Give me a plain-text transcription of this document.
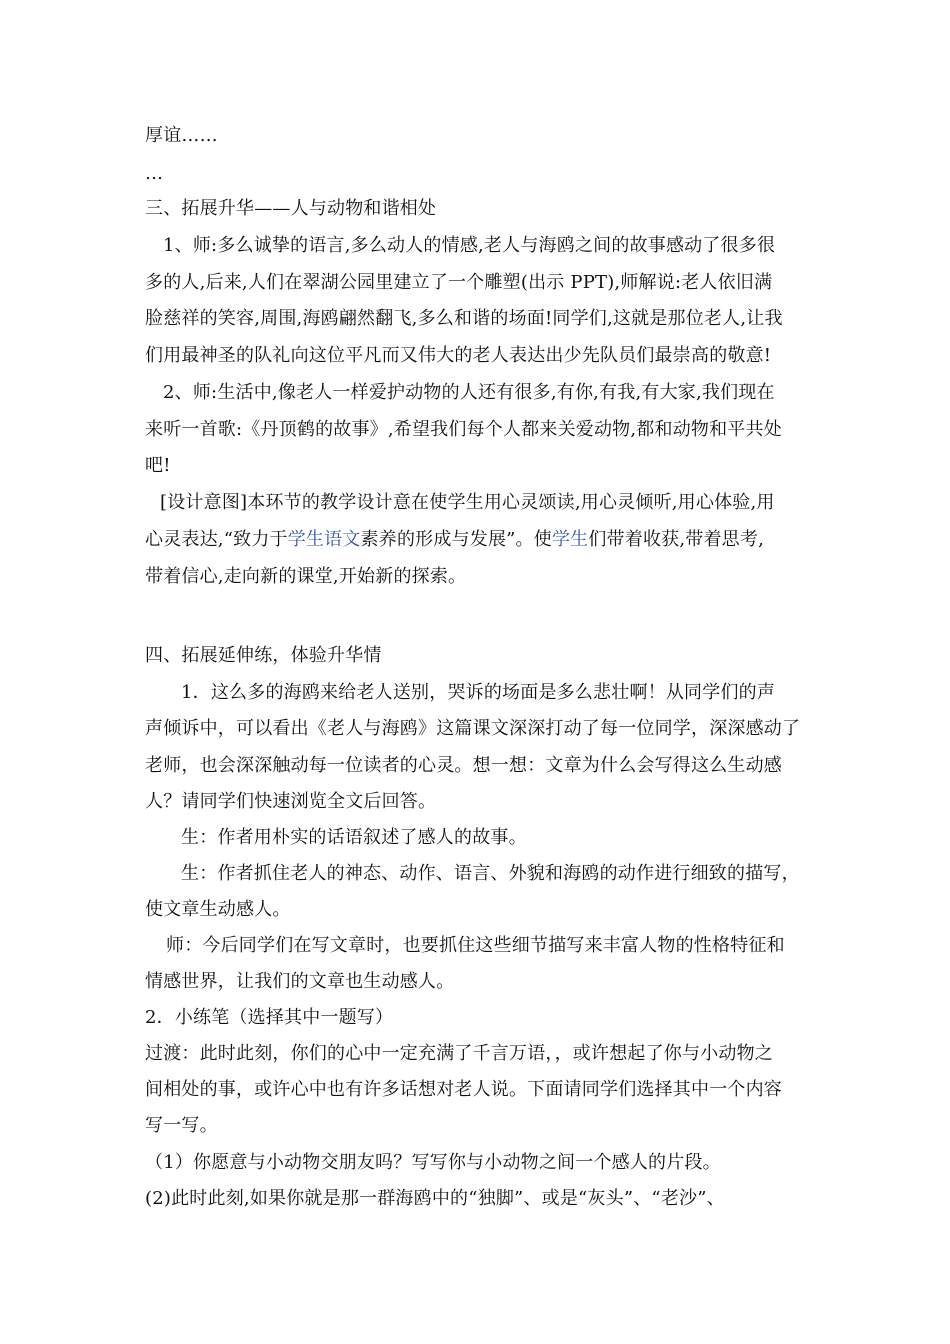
厚谊……
…
三、拓展升华——人与动物和谐相处
1、师:多么诚挚的语言,多么动人的情感,老人与海鸥之间的故事感动了很多很
多的人,后来,人们在翠湖公园里建立了一个雕塑(出示 PPT),师解说:老人依旧满
脸慈祥的笑容,周围,海鸥翩然翻飞,多么和谐的场面!同学们,这就是那位老人,让我
们用最神圣的队礼向这位平凡而又伟大的老人表达出少先队员们最崇高的敬意!
2、师:生活中,像老人一样爱护动物的人还有很多,有你,有我,有大家,我们现在
来听一首歌:《丹顶鹤的故事》,希望我们每个人都来关爱动物,都和动物和平共处
吧!
[设计意图]本环节的教学设计意在使学生用心灵颂读,用心灵倾听,用心体验,用
心灵表达,“致力于学生语文素养的形成与发展”。使学生们带着收获,带着思考,
带着信心,走向新的课堂,开始新的探索。
四、拓展延伸练，体验升华情
1．这么多的海鸥来给老人送别，哭诉的场面是多么悲壮啊！从同学们的声
声倾诉中，可以看出《老人与海鸥》这篇课文深深打动了每一位同学，深深感动了
老师，也会深深触动每一位读者的心灵。想一想：文章为什么会写得这么生动感
人？请同学们快速浏览全文后回答。
生：作者用朴实的话语叙述了感人的故事。
生：作者抓住老人的神态、动作、语言、外貌和海鸥的动作进行细致的描写，
使文章生动感人。
师：今后同学们在写文章时，也要抓住这些细节描写来丰富人物的性格特征和
情感世界，让我们的文章也生动感人。
2．小练笔（选择其中一题写）
过渡：此时此刻，你们的心中一定充满了千言万语，，或许想起了你与小动物之
间相处的事，或许心中也有许多话想对老人说。下面请同学们选择其中一个内容
写一写。
（1）你愿意与小动物交朋友吗？写写你与小动物之间一个感人的片段。
(2)此时此刻,如果你就是那一群海鸥中的“独脚”、或是“灰头”、“老沙”、
